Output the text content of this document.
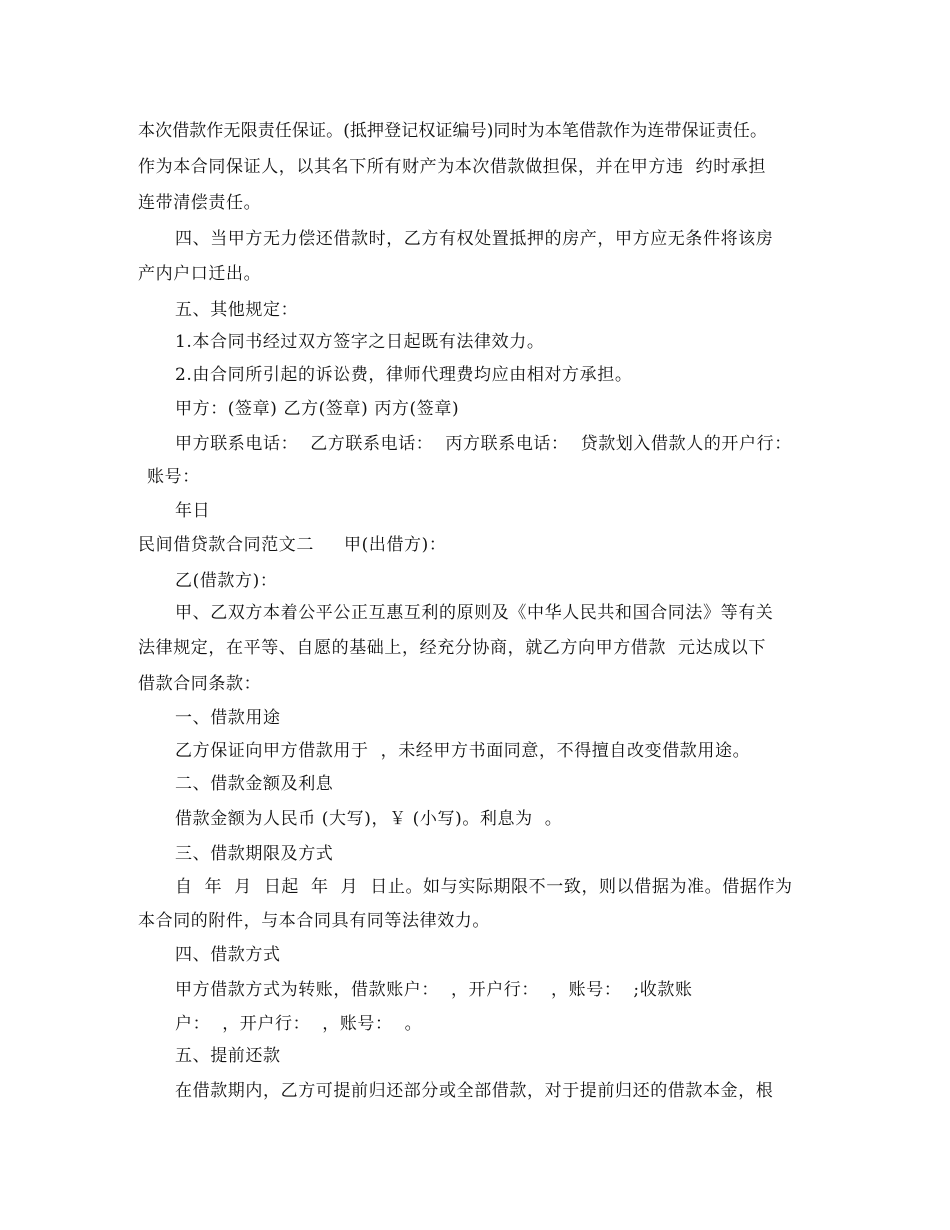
本次借款作无限责任保证。(抵押登记权证编号)同时为本笔借款作为连带保证责任。
作为本合同保证人，以其名下所有财产为本次借款做担保，并在甲方违  约时承担
连带清偿责任。
四、当甲方无力偿还借款时，乙方有权处置抵押的房产，甲方应无条件将该房
产内户口迁出。
五、其他规定：
1.本合同书经过双方签字之日起既有法律效力。
2.由合同所引起的诉讼费，律师代理费均应由相对方承担。
甲方：(签章) 乙方(签章) 丙方(签章)
甲方联系电话：  乙方联系电话：  丙方联系电话：  贷款划入借款人的开户行：
账号：
年日
民间借贷款合同范文二     甲(出借方)：
乙(借款方)：
甲、乙双方本着公平公正互惠互利的原则及《中华人民共和国合同法》等有关
法律规定，在平等、自愿的基础上，经充分协商，就乙方向甲方借款  元达成以下
借款合同条款：
一、借款用途
乙方保证向甲方借款用于  ，未经甲方书面同意，不得擅自改变借款用途。
二、借款金额及利息
借款金额为人民币 (大写)，￥ (小写)。利息为  。
三、借款期限及方式
自  年  月  日起  年  月  日止。如与实际期限不一致，则以借据为准。借据作为
本合同的附件，与本合同具有同等法律效力。
四、借款方式
甲方借款方式为转账，借款账户：  ，开户行：  ，账号：  ;收款账
户：  ，开户行：  ，账号：  。
五、提前还款
在借款期内，乙方可提前归还部分或全部借款，对于提前归还的借款本金，根
